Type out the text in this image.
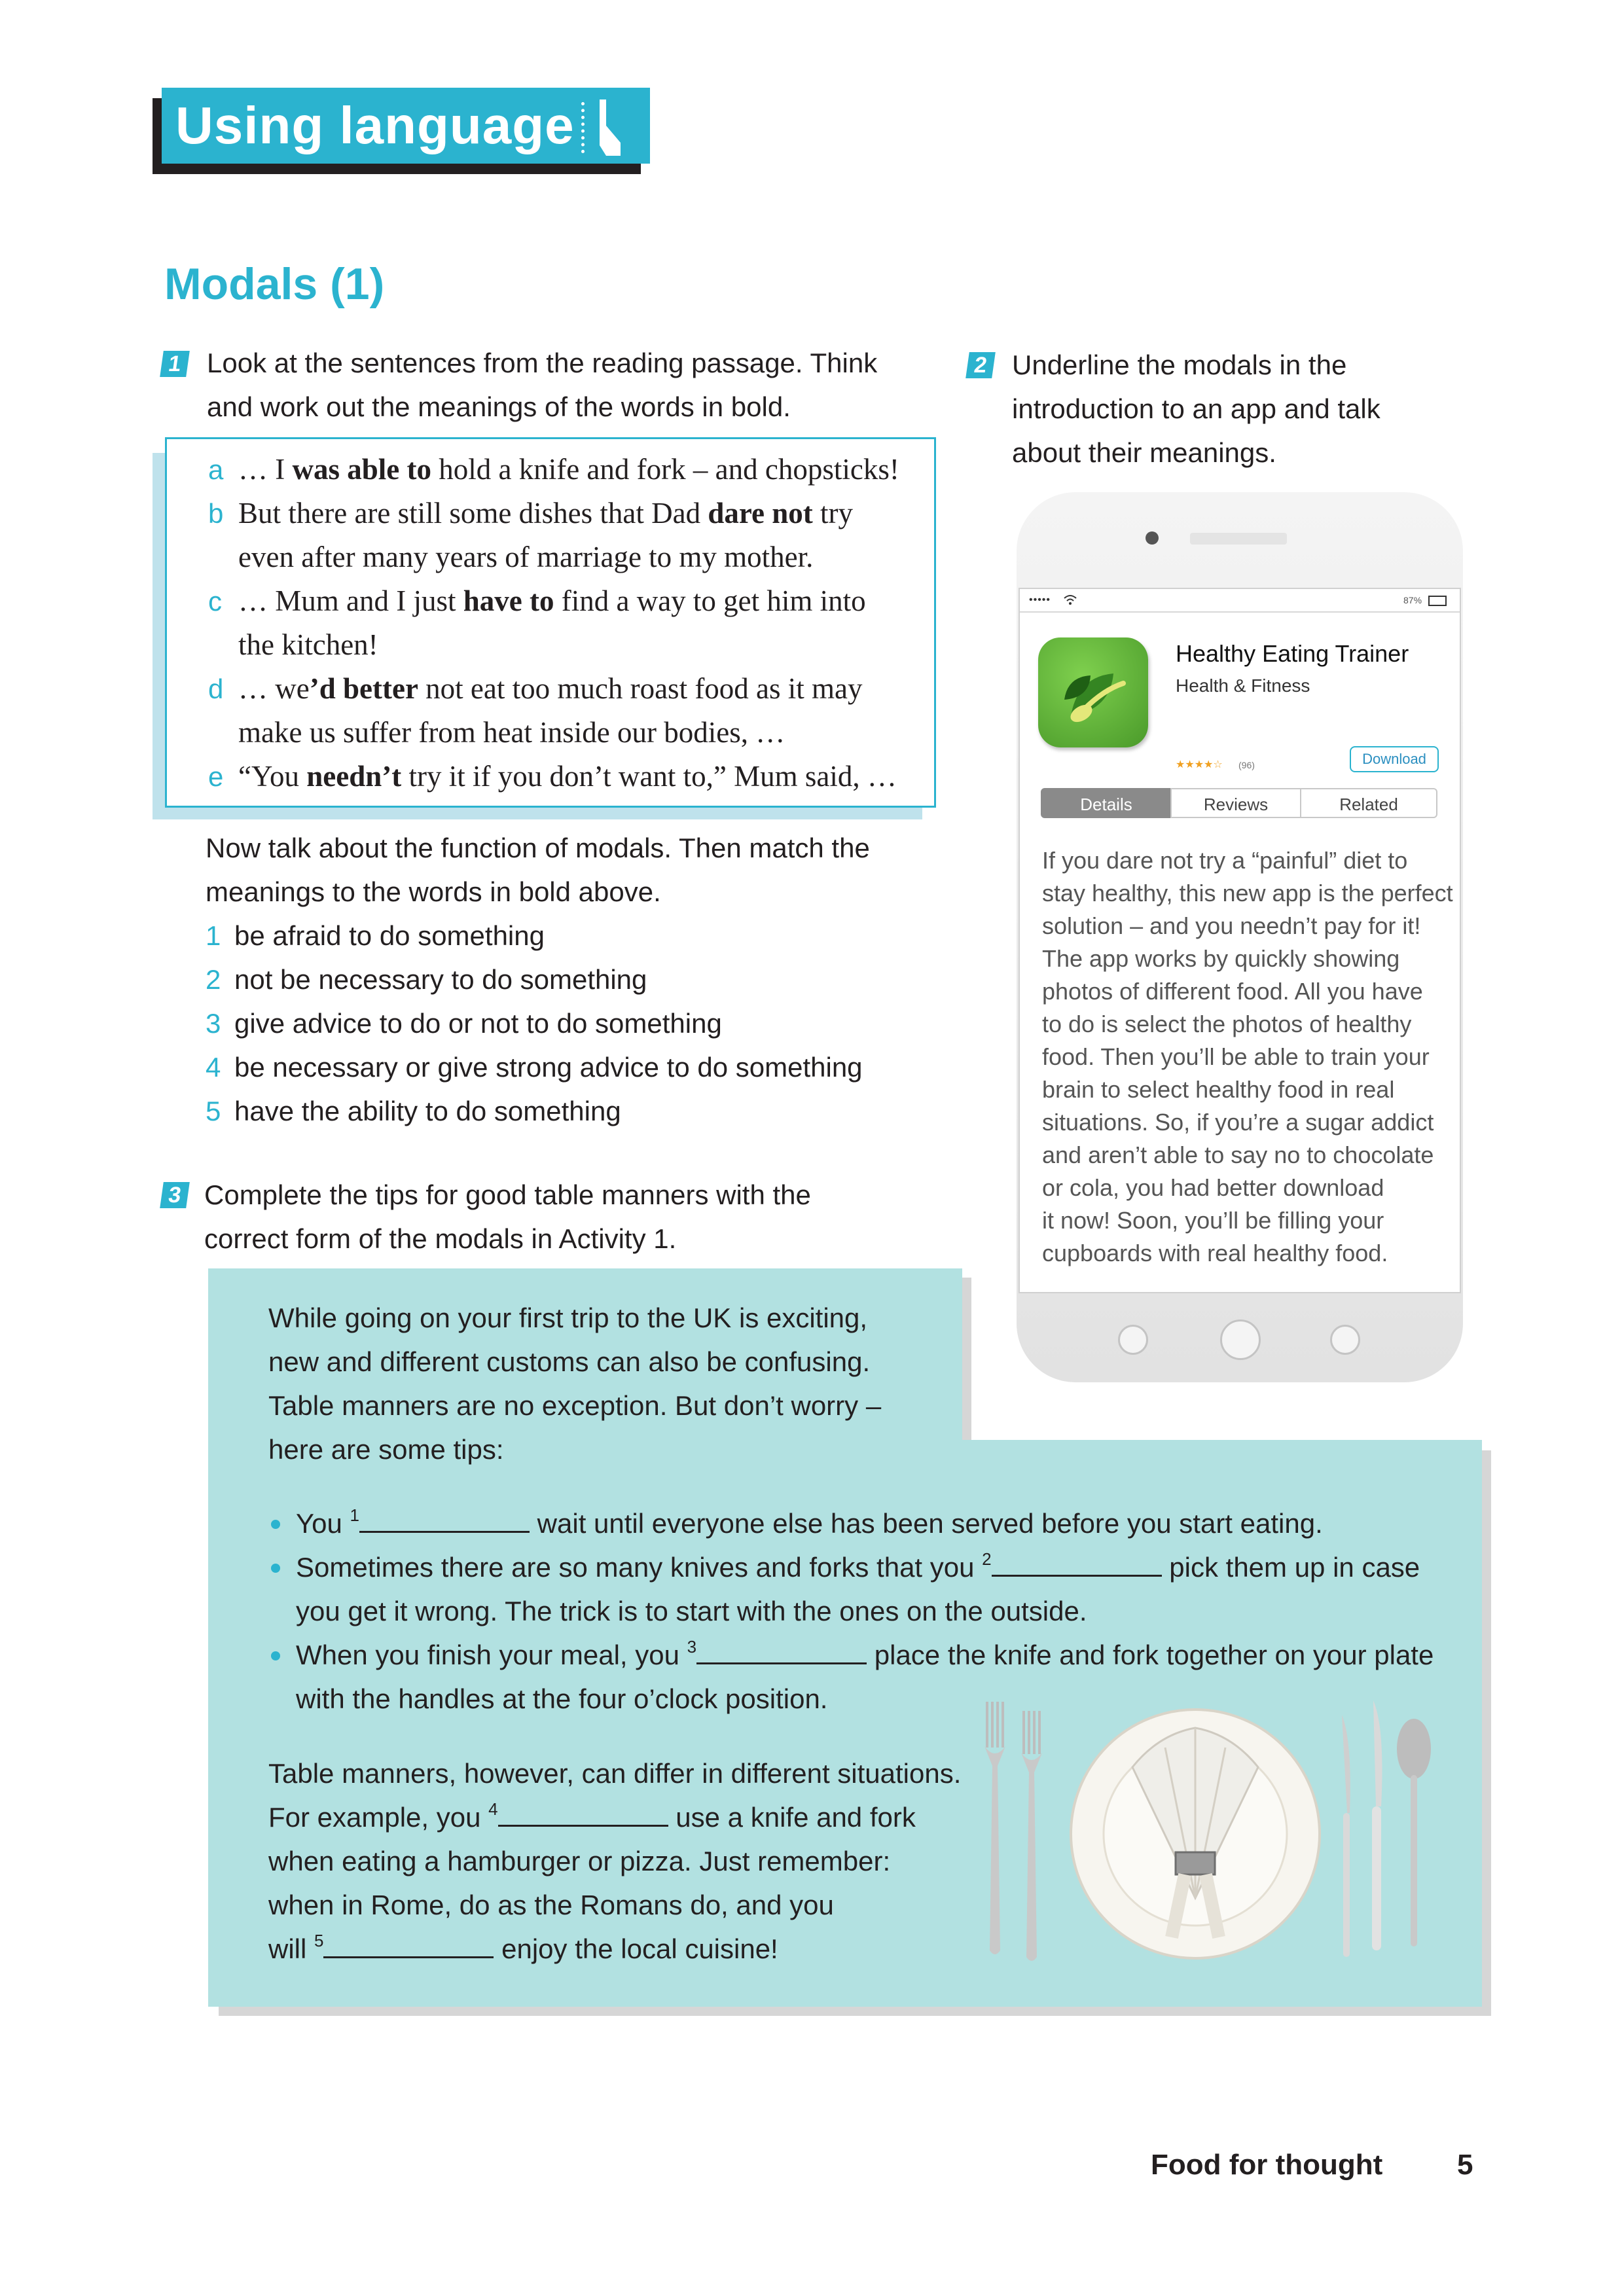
Using language
Modals (1)
1 Look at the sentences from the reading passage. Think
and work out the meanings of the words in bold.
a … I was able to hold a knife and fork – and chopsticks!
b But there are still some dishes that Dad dare not try
even after many years of marriage to my mother.
c … Mum and I just have to find a way to get him into
the kitchen!
d … we’d better not eat too much roast food as it may
make us suffer from heat inside our bodies, …
e “You needn’t try it if you don’t want to,” Mum said, …
Now talk about the function of modals. Then match the
meanings to the words in bold above.
1 be afraid to do something
2 not be necessary to do something
3 give advice to do or not to do something
4 be necessary or give strong advice to do something
5 have the ability to do something
2 Underline the modals in the
introduction to an app and talk
about their meanings.
•••••	87%
Healthy Eating Trainer
Health & Fitness
★★★★☆ (96)	Download
Details	Reviews	Related
If you dare not try a “painful” diet to
stay healthy, this new app is the perfect
solution – and you needn’t pay for it!
The app works by quickly showing
photos of different food. All you have
to do is select the photos of healthy
food. Then you’ll be able to train your
brain to select healthy food in real
situations. So, if you’re a sugar addict
and aren’t able to say no to chocolate
or cola, you had better download
it now! Soon, you’ll be filling your
cupboards with real healthy food.
3 Complete the tips for good table manners with the
correct form of the modals in Activity 1.
While going on your first trip to the UK is exciting,
new and different customs can also be confusing.
Table manners are no exception. But don’t worry –
here are some tips:
You $^1$	wait until everyone else has been served before you start eating.
Sometimes there are so many knives and forks that you $^2$	pick them up in case
you get it wrong. The trick is to start with the ones on the outside.
When you finish your meal, you $^3$	place the knife and fork together on your plate
with the handles at the four o’clock position.
Table manners, however, can differ in different situations.
For example, you $^4$	use a knife and fork
when eating a hamburger or pizza. Just remember:
when in Rome, do as the Romans do, and you
will $^5$	enjoy the local cuisine!
Food for thought	5
